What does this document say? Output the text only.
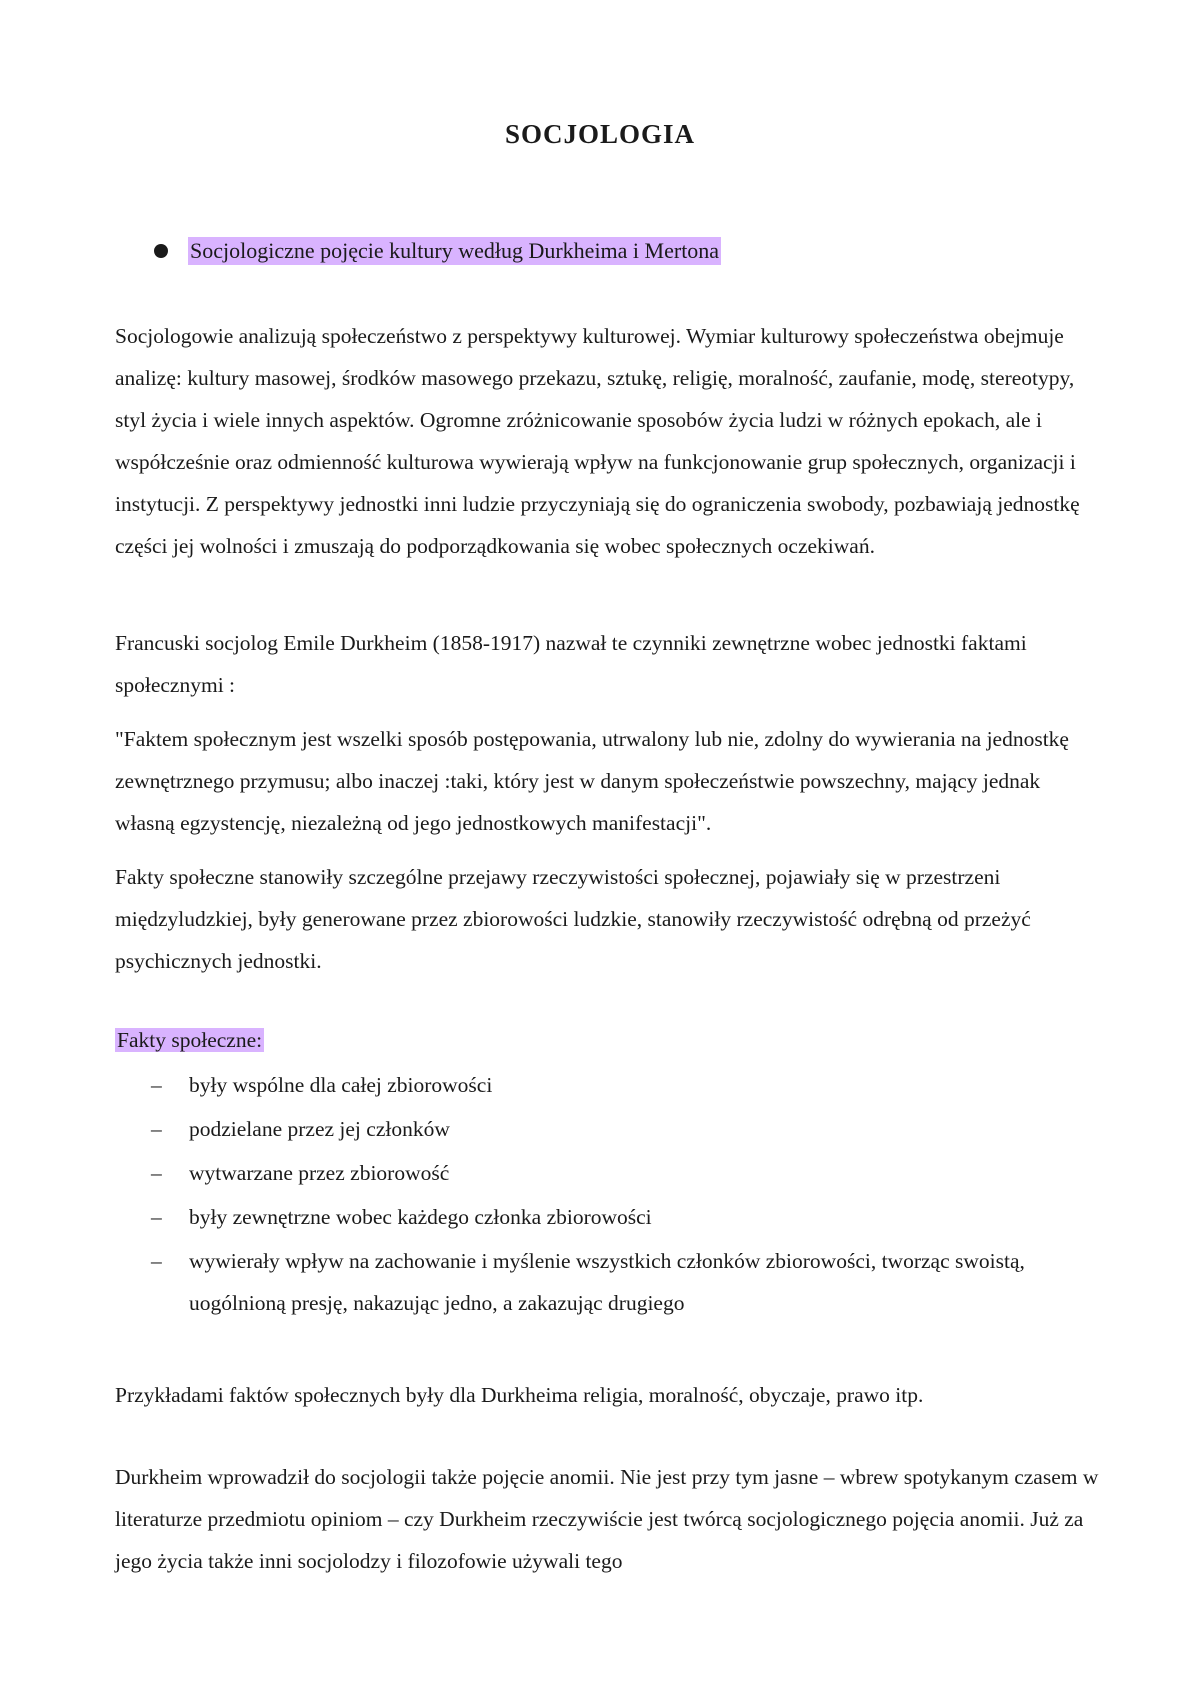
SOCJOLOGIA
Socjologiczne pojęcie kultury według Durkheima i Mertona

Socjologowie analizują społeczeństwo z perspektywy kulturowej. Wymiar kulturowy społeczeństwa obejmuje analizę: kultury masowej, środków masowego przekazu, sztukę, religię, moralność, zaufanie, modę, stereotypy, styl życia i wiele innych aspektów. Ogromne zróżnicowanie sposobów życia ludzi w różnych epokach, ale i współcześnie oraz odmienność kulturowa wywierają wpływ na funkcjonowanie grup społecznych, organizacji i instytucji. Z perspektywy jednostki inni ludzie przyczyniają się do ograniczenia swobody, pozbawiają jednostkę części jej wolności i zmuszają do podporządkowania się wobec społecznych oczekiwań.

Francuski socjolog Emile Durkheim (1858-1917) nazwał te czynniki zewnętrzne wobec jednostki faktami społecznymi :

"Faktem społecznym jest wszelki sposób postępowania, utrwalony lub nie, zdolny do wywierania na jednostkę zewnętrznego przymusu; albo inaczej :taki, który jest w danym społeczeństwie powszechny, mający jednak własną egzystencję, niezależną od jego jednostkowych manifestacji".

Fakty społeczne stanowiły szczególne przejawy rzeczywistości społecznej, pojawiały się w przestrzeni międzyludzkiej, były generowane przez zbiorowości ludzkie, stanowiły rzeczywistość odrębną od przeżyć psychicznych jednostki.

Fakty społeczne:
– były wspólne dla całej zbiorowości
– podzielane przez jej członków
– wytwarzane przez zbiorowość
– były zewnętrzne wobec każdego członka zbiorowości
– wywierały wpływ na zachowanie i myślenie wszystkich członków zbiorowości, tworząc swoistą, uogólnioną presję, nakazując jedno, a zakazując drugiego

Przykładami faktów społecznych były dla Durkheima religia, moralność, obyczaje, prawo itp.

Durkheim wprowadził do socjologii także pojęcie anomii. Nie jest przy tym jasne – wbrew spotykanym czasem w literaturze przedmiotu opiniom – czy Durkheim rzeczywiście jest twórcą socjologicznego pojęcia anomii. Już za jego życia także inni socjolodzy i filozofowie używali tego
